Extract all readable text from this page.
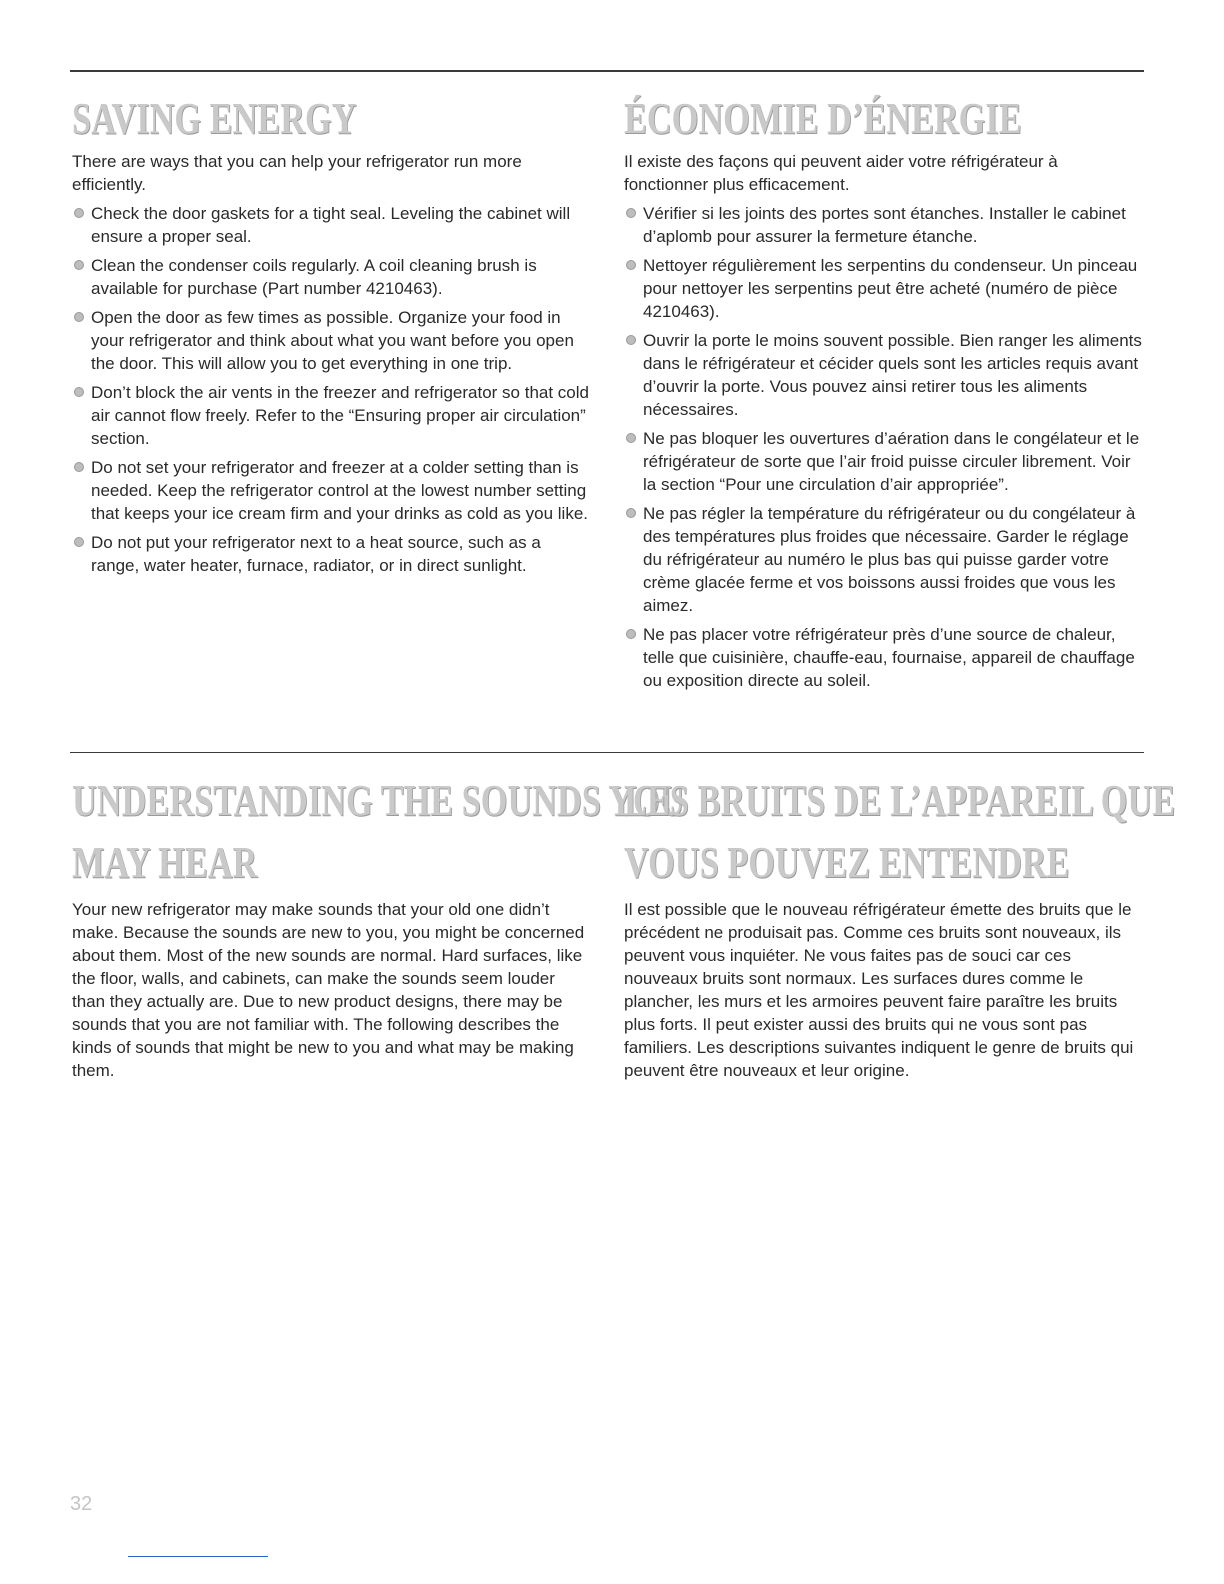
SAVING ENERGY

There are ways that you can help your refrigerator run more efficiently.

Check the door gaskets for a tight seal. Leveling the cabinet will ensure a proper seal.
Clean the condenser coils regularly. A coil cleaning brush is available for purchase (Part number 4210463).
Open the door as few times as possible. Organize your food in your refrigerator and think about what you want before you open the door. This will allow you to get everything in one trip.
Don’t block the air vents in the freezer and refrigerator so that cold air cannot flow freely. Refer to the “Ensuring proper air circulation” section.
Do not set your refrigerator and freezer at a colder setting than is needed. Keep the refrigerator control at the lowest number setting that keeps your ice cream firm and your drinks as cold as you like.
Do not put your refrigerator next to a heat source, such as a range, water heater, furnace, radiator, or in direct sunlight.
ÉCONOMIE D’ÉNERGIE

Il existe des façons qui peuvent aider votre réfrigérateur à fonctionner plus efficacement.

Vérifier si les joints des portes sont étanches. Installer le cabinet d’aplomb pour assurer la fermeture étanche.
Nettoyer régulièrement les serpentins du condenseur. Un pinceau pour nettoyer les serpentins peut être acheté (numéro de pièce 4210463).
Ouvrir la porte le moins souvent possible. Bien ranger les aliments dans le réfrigérateur et cécider quels sont les articles requis avant d’ouvrir la porte. Vous pouvez ainsi retirer tous les aliments nécessaires.
Ne pas bloquer les ouvertures d’aération dans le congélateur et le réfrigérateur de sorte que l’air froid puisse circuler librement. Voir la section “Pour une circulation d’air appropriée”.
Ne pas régler la température du réfrigérateur ou du congélateur à des températures plus froides que nécessaire. Garder le réglage du réfrigérateur au numéro le plus bas qui puisse garder votre crème glacée ferme et vos boissons aussi froides que vous les aimez.
Ne pas placer votre réfrigérateur près d’une source de chaleur, telle que cuisinière, chauffe-eau, fournaise, appareil de chauffage ou exposition directe au soleil.
UNDERSTANDING THE SOUNDS YOU
MAY HEAR

Your new refrigerator may make sounds that your old one didn’t make. Because the sounds are new to you, you might be concerned about them. Most of the new sounds are normal. Hard surfaces, like the floor, walls, and cabinets, can make the sounds seem louder than they actually are. Due to new product designs, there may be sounds that you are not familiar with. The following describes the kinds of sounds that might be new to you and what may be making them.

LES BRUITS DE L’APPAREIL QUE
VOUS POUVEZ ENTENDRE

Il est possible que le nouveau réfrigérateur émette des bruits que le précédent ne produisait pas. Comme ces bruits sont nouveaux, ils peuvent vous inquiéter. Ne vous faites pas de souci car ces nouveaux bruits sont normaux. Les surfaces dures comme le plancher, les murs et les armoires peuvent faire paraître les bruits plus forts. Il peut exister aussi des bruits qui ne vous sont pas familiers. Les descriptions suivantes indiquent le genre de bruits qui peuvent être nouveaux et leur origine.

32
